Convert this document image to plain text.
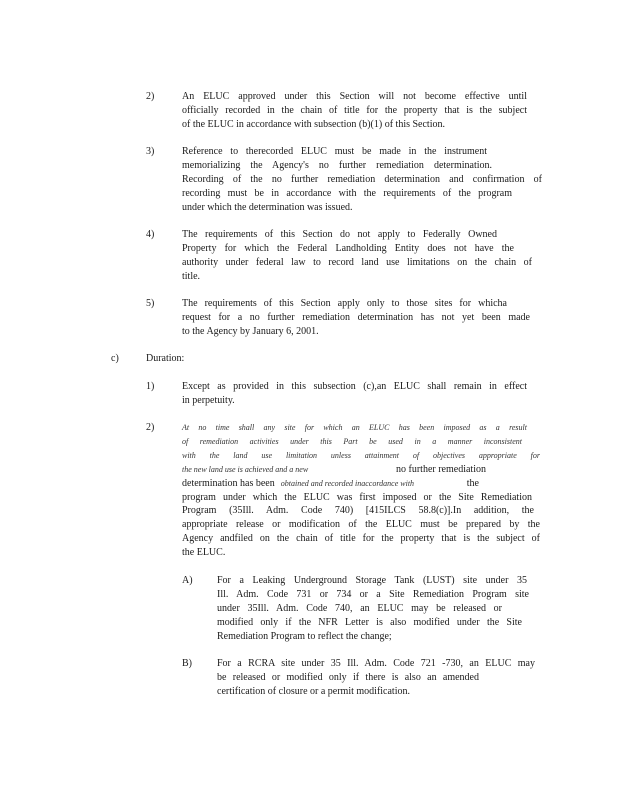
2)	An ELUC approved under this Section will not become effective until
officially recorded in the chain of title for the property that is the subject
of the ELUC in accordance with subsection (b)(1) of this Section.
3)	Reference to therecorded ELUC must be made in the instrument
memorializing the Agency's no further remediation determination.
Recording of the no further remediation determination and confirmation of
recording must be in accordance with the requirements of the program
under which the determination was issued.
4)	The requirements of this Section do not apply to Federally Owned
Property for which the Federal Landholding Entity does not have the
authority under federal law to record land use limitations on the chain of
title.
5)	The requirements of this Section apply only to those sites for whicha
request for a no further remediation determination has not yet been made
to the Agency by January 6, 2001.
c)	Duration:
1)	Except as provided in this subsection (c),an ELUC shall remain in effect
in perpetuity.
2)	At no time shall any site for which an ELUC has been imposed as a result
of remediation activities under this Part be used in a manner inconsistent
with the land use limitation unless attainment of objectives appropriate for
the new land use is achieved and a new	no further remediation
determination has been obtained and recorded inaccordance with	the
program under which the ELUC was first imposed or the Site Remediation
Program (35Ill. Adm. Code 740) [415ILCS 58.8(c)].In addition, the
appropriate release or modification of the ELUC must be prepared by the
Agency andfiled on the chain of title for the property that is the subject of
the ELUC.
A) For a Leaking Underground Storage Tank (LUST) site under 35
Ill. Adm. Code 731 or 734 or a Site Remediation Program site
under 35Ill. Adm. Code 740, an ELUC may be released or
modified only if the NFR Letter is also modified under the Site
Remediation Program to reflect the change;
B)	For a RCRA site under 35 Ill. Adm. Code 721 -730, an ELUC may
be released or modified only if there is also an amended
certification of closure or a permit modification.
